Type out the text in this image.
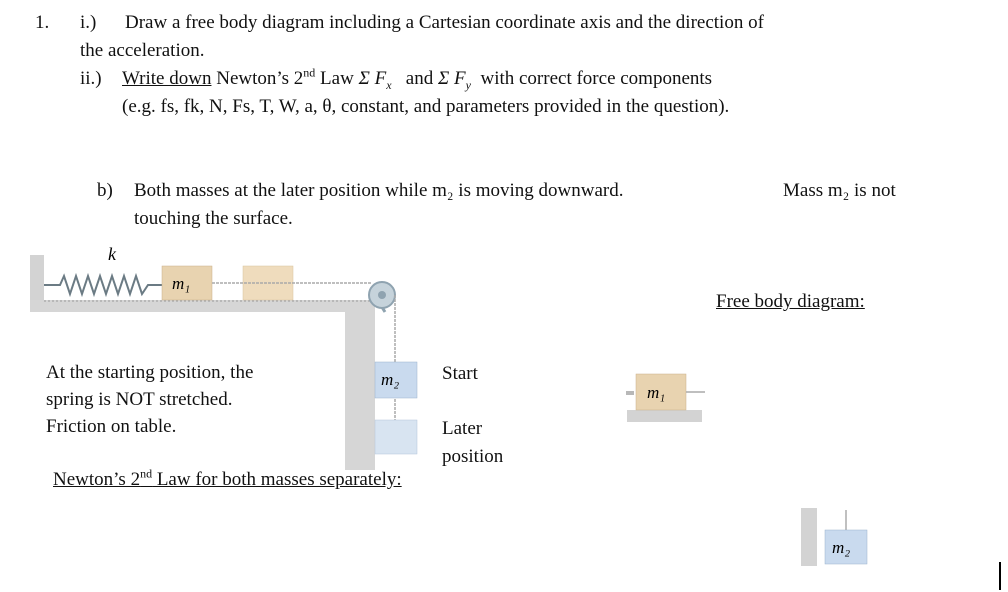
1. i.) Draw a free body diagram including a Cartesian coordinate axis and the direction of
the acceleration.
ii.) Write down Newton’s 2nd Law Σ $F_x$ and Σ $F_y$ with correct force components
(e.g. fs, fk, N, Fs, T, W, a, θ, constant, and parameters provided in the question).
b) Both masses at the later position while m₂ is moving downward.	Mass m₂ is not
touching the surface.
k
m₁
m₂
m₁
m₂
At the starting position, the
spring is NOT stretched.
Friction on table.
Start
Later
position
Free body diagram:
Newton’s 2nd Law for both masses separately:
